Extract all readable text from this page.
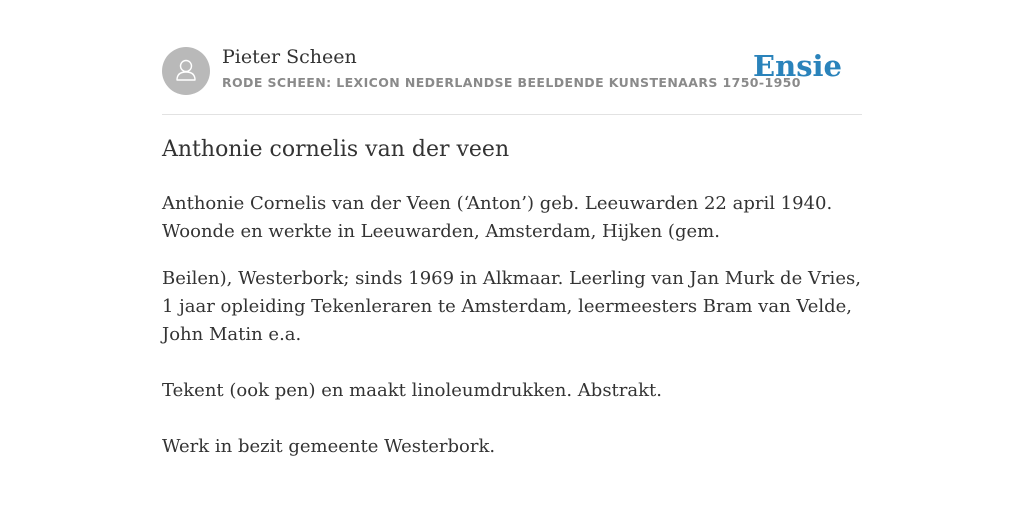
Pieter Scheen
RODE SCHEEN: LEXICON NEDERLANDSE BEELDENDE KUNSTENAARS 1750-1950
Ensie
Anthonie cornelis van der veen

Anthonie Cornelis van der Veen (‘Anton’) geb. Leeuwarden 22 april 1940. Woonde en werkte in Leeuwarden, Amsterdam, Hijken (gem.

Beilen), Westerbork; sinds 1969 in Alkmaar. Leerling van Jan Murk de Vries, 1 jaar opleiding Tekenleraren te Amsterdam, leermeesters Bram van Velde, John Matin e.a.

Tekent (ook pen) en maakt linoleumdrukken. Abstrakt.

Werk in bezit gemeente Westerbork.
